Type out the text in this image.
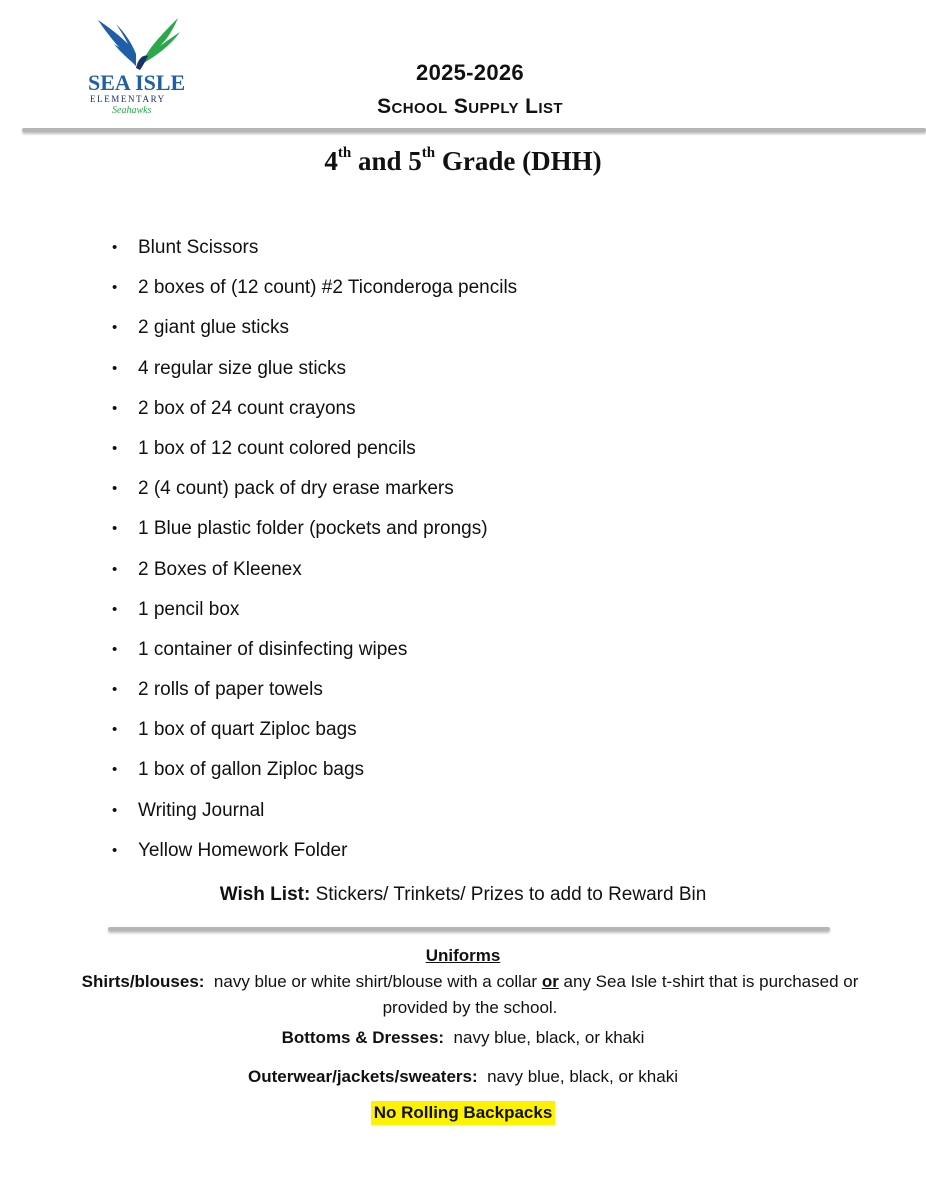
SEA ISLE
ELEMENTARY
Seahawks
2025-2026
School Supply List
4th and 5th Grade (DHH)
• Blunt Scissors
• 2 boxes of (12 count) #2 Ticonderoga pencils
• 2 giant glue sticks
• 4 regular size glue sticks
• 2 box of 24 count crayons
• 1 box of 12 count colored pencils
• 2 (4 count) pack of dry erase markers
• 1 Blue plastic folder (pockets and prongs)
• 2 Boxes of Kleenex
• 1 pencil box
• 1 container of disinfecting wipes
• 2 rolls of paper towels
• 1 box of quart Ziploc bags
• 1 box of gallon Ziploc bags
• Writing Journal
• Yellow Homework Folder
Wish List: Stickers/ Trinkets/ Prizes to add to Reward Bin
Uniforms
Shirts/blouses: navy blue or white shirt/blouse with a collar or any Sea Isle t-shirt that is purchased or provided by the school.
Bottoms & Dresses: navy blue, black, or khaki
Outerwear/jackets/sweaters: navy blue, black, or khaki
No Rolling Backpacks
